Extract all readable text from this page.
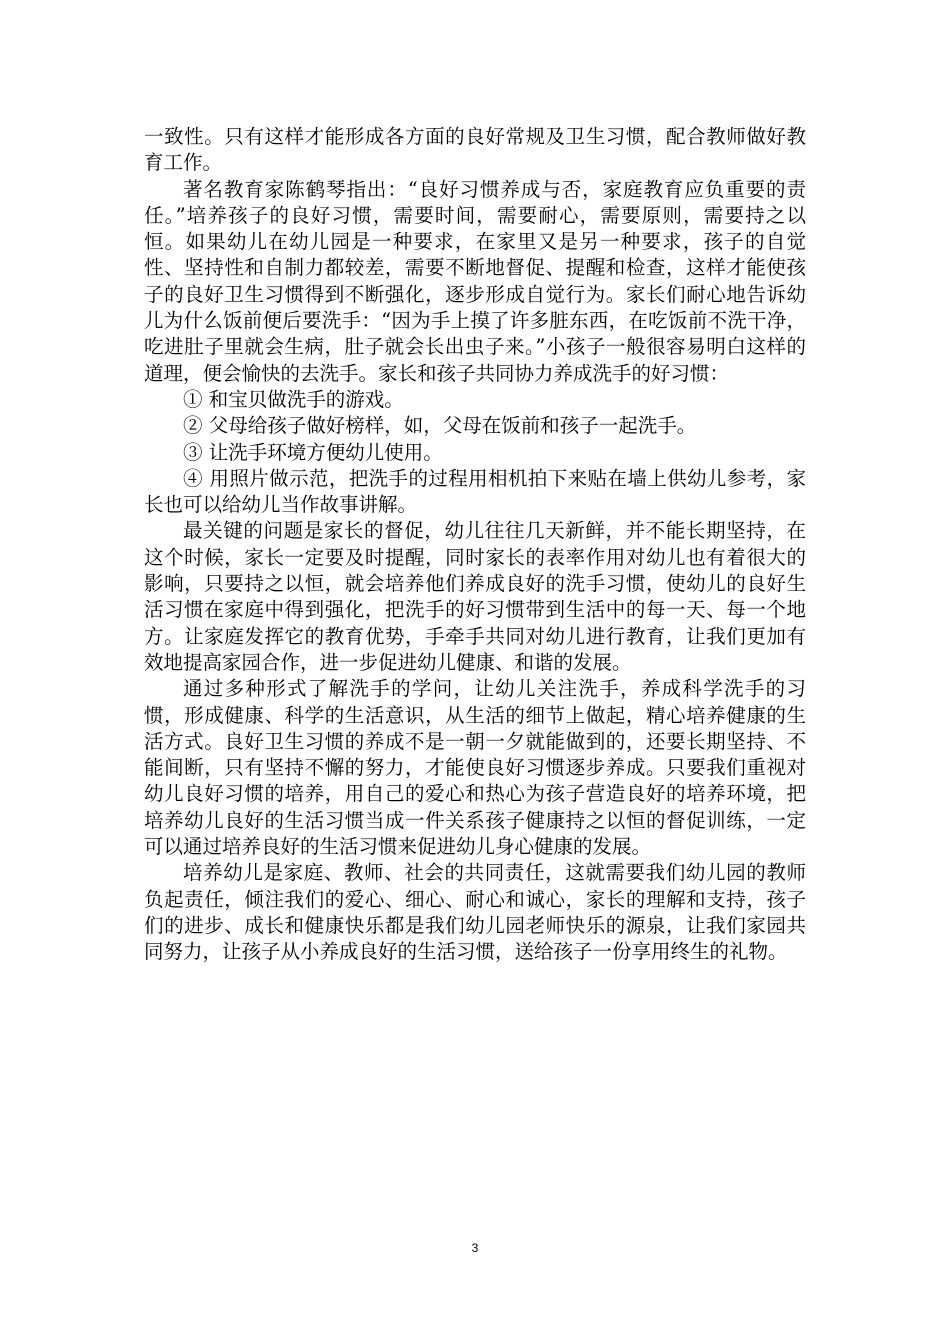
一致性。只有这样才能形成各方面的良好常规及卫生习惯，配合教师做好教育工作。

著名教育家陈鹤琴指出：“良好习惯养成与否，家庭教育应负重要的责任。”培养孩子的良好习惯，需要时间，需要耐心，需要原则，需要持之以恒。如果幼儿在幼儿园是一种要求，在家里又是另一种要求，孩子的自觉性、坚持性和自制力都较差，需要不断地督促、提醒和检查，这样才能使孩子的良好卫生习惯得到不断强化，逐步形成自觉行为。家长们耐心地告诉幼儿为什么饭前便后要洗手：“因为手上摸了许多脏东西，在吃饭前不洗干净，吃进肚子里就会生病，肚子就会长出虫子来。”小孩子一般很容易明白这样的道理，便会愉快的去洗手。家长和孩子共同协力养成洗手的好习惯：

① 和宝贝做洗手的游戏。

② 父母给孩子做好榜样，如，父母在饭前和孩子一起洗手。

③ 让洗手环境方便幼儿使用。

④ 用照片做示范，把洗手的过程用相机拍下来贴在墙上供幼儿参考，家长也可以给幼儿当作故事讲解。

最关键的问题是家长的督促，幼儿往往几天新鲜，并不能长期坚持，在这个时候，家长一定要及时提醒，同时家长的表率作用对幼儿也有着很大的影响，只要持之以恒，就会培养他们养成良好的洗手习惯，使幼儿的良好生活习惯在家庭中得到强化，把洗手的好习惯带到生活中的每一天、每一个地方。让家庭发挥它的教育优势，手牵手共同对幼儿进行教育，让我们更加有效地提高家园合作，进一步促进幼儿健康、和谐的发展。

通过多种形式了解洗手的学问，让幼儿关注洗手，养成科学洗手的习惯，形成健康、科学的生活意识，从生活的细节上做起，精心培养健康的生活方式。良好卫生习惯的养成不是一朝一夕就能做到的，还要长期坚持、不能间断，只有坚持不懈的努力，才能使良好习惯逐步养成。只要我们重视对幼儿良好习惯的培养，用自己的爱心和热心为孩子营造良好的培养环境，把培养幼儿良好的生活习惯当成一件关系孩子健康持之以恒的督促训练，一定可以通过培养良好的生活习惯来促进幼儿身心健康的发展。

培养幼儿是家庭、教师、社会的共同责任，这就需要我们幼儿园的教师负起责任，倾注我们的爱心、细心、耐心和诚心，家长的理解和支持，孩子们的进步、成长和健康快乐都是我们幼儿园老师快乐的源泉，让我们家园共同努力，让孩子从小养成良好的生活习惯，送给孩子一份享用终生的礼物。

3
